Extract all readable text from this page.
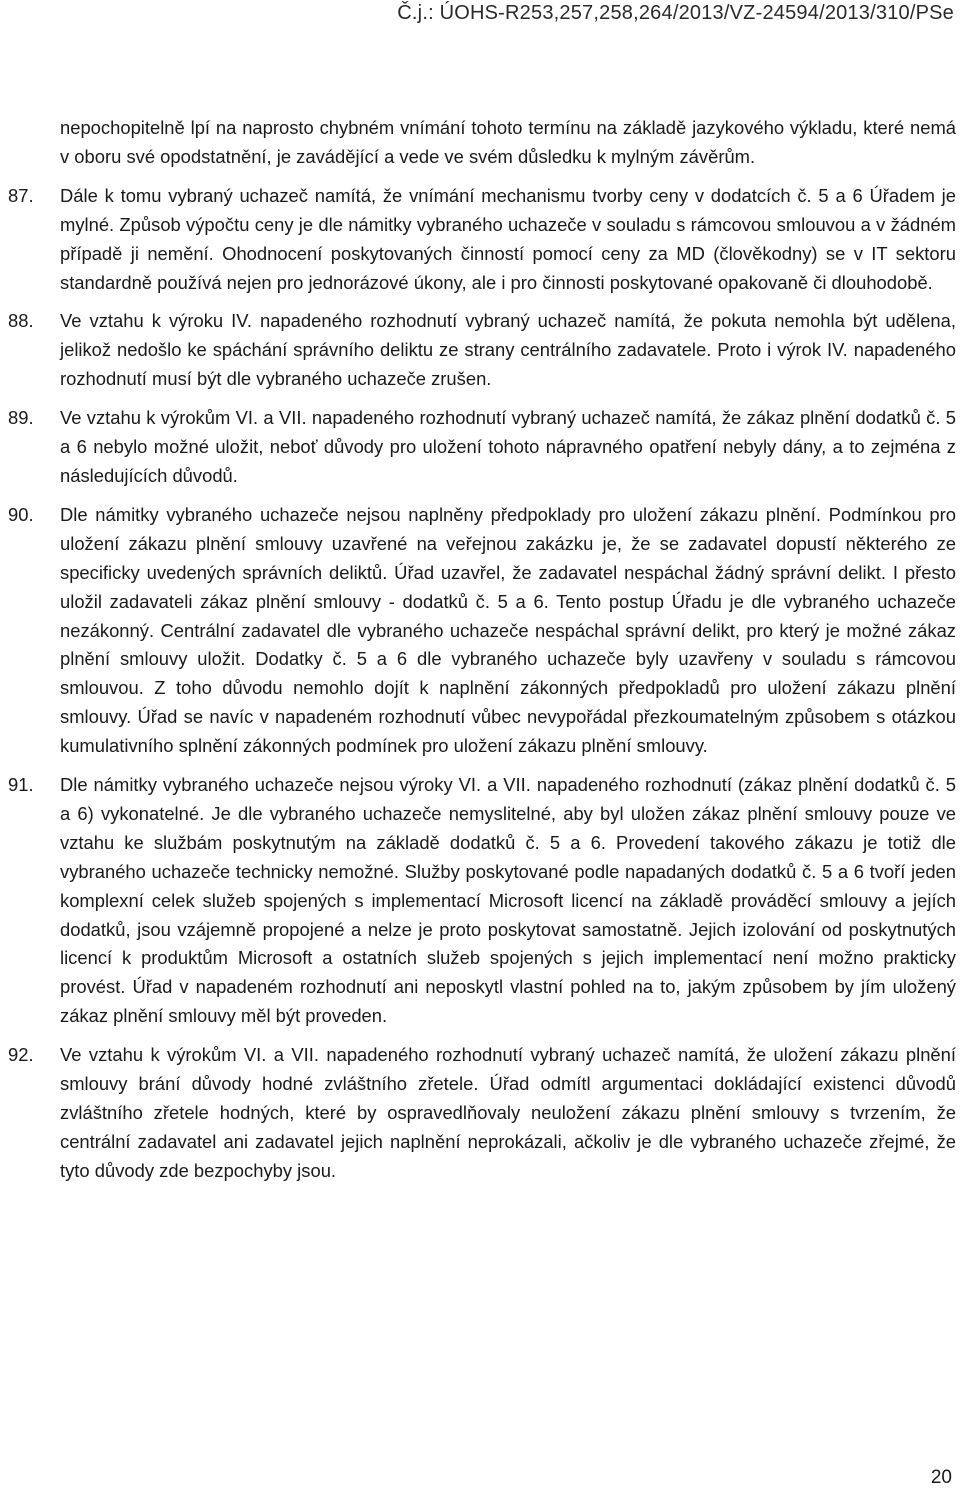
Č.j.: ÚOHS-R253,257,258,264/2013/VZ-24594/2013/310/PSe
nepochopitelně lpí na naprosto chybném vnímání tohoto termínu na základě jazykového výkladu, které nemá v oboru své opodstatnění, je zavádějící a vede ve svém důsledku k mylným závěrům.
87.	Dále k tomu vybraný uchazeč namítá, že vnímání mechanismu tvorby ceny v dodatcích č. 5 a 6 Úřadem je mylné. Způsob výpočtu ceny je dle námitky vybraného uchazeče v souladu s rámcovou smlouvou a v žádném případě ji nemění. Ohodnocení poskytovaných činností pomocí ceny za MD (člověkodny) se v IT sektoru standardně používá nejen pro jednorázové úkony, ale i pro činnosti poskytované opakovaně či dlouhodobě.
88.	Ve vztahu k výroku IV. napadeného rozhodnutí vybraný uchazeč namítá, že pokuta nemohla být udělena, jelikož nedošlo ke spáchání správního deliktu ze strany centrálního zadavatele. Proto i výrok IV. napadeného rozhodnutí musí být dle vybraného uchazeče zrušen.
89.	Ve vztahu k výrokům VI. a VII. napadeného rozhodnutí vybraný uchazeč namítá, že zákaz plnění dodatků č. 5 a 6 nebylo možné uložit, neboť důvody pro uložení tohoto nápravného opatření nebyly dány, a to zejména z následujících důvodů.
90.	Dle námitky vybraného uchazeče nejsou naplněny předpoklady pro uložení zákazu plnění. Podmínkou pro uložení zákazu plnění smlouvy uzavřené na veřejnou zakázku je, že se zadavatel dopustí některého ze specificky uvedených správních deliktů. Úřad uzavřel, že zadavatel nespáchal žádný správní delikt. I přesto uložil zadavateli zákaz plnění smlouvy - dodatků č. 5 a 6. Tento postup Úřadu je dle vybraného uchazeče nezákonný. Centrální zadavatel dle vybraného uchazeče nespáchal správní delikt, pro který je možné zákaz plnění smlouvy uložit. Dodatky č. 5 a 6 dle vybraného uchazeče byly uzavřeny v souladu s rámcovou smlouvou. Z toho důvodu nemohlo dojít k naplnění zákonných předpokladů pro uložení zákazu plnění smlouvy. Úřad se navíc v napadeném rozhodnutí vůbec nevypořádal přezkoumatelným způsobem s otázkou kumulativního splnění zákonných podmínek pro uložení zákazu plnění smlouvy.
91.	Dle námitky vybraného uchazeče nejsou výroky VI. a VII. napadeného rozhodnutí (zákaz plnění dodatků č. 5 a 6) vykonatelné. Je dle vybraného uchazeče nemyslitelné, aby byl uložen zákaz plnění smlouvy pouze ve vztahu ke službám poskytnutým na základě dodatků č. 5 a 6. Provedení takového zákazu je totiž dle vybraného uchazeče technicky nemožné. Služby poskytované podle napadaných dodatků č. 5 a 6 tvoří jeden komplexní celek služeb spojených s implementací Microsoft licencí na základě prováděcí smlouvy a jejích dodatků, jsou vzájemně propojené a nelze je proto poskytovat samostatně. Jejich izolování od poskytnutých licencí k produktům Microsoft a ostatních služeb spojených s jejich implementací není možno prakticky provést. Úřad v napadeném rozhodnutí ani neposkytl vlastní pohled na to, jakým způsobem by jím uložený zákaz plnění smlouvy měl být proveden.
92.	Ve vztahu k výrokům VI. a VII. napadeného rozhodnutí vybraný uchazeč namítá, že uložení zákazu plnění smlouvy brání důvody hodné zvláštního zřetele. Úřad odmítl argumentaci dokládající existenci důvodů zvláštního zřetele hodných, které by ospravedlňovaly neuložení zákazu plnění smlouvy s tvrzením, že centrální zadavatel ani zadavatel jejich naplnění neprokázali, ačkoliv je dle vybraného uchazeče zřejmé, že tyto důvody zde bezpochyby jsou.
20
